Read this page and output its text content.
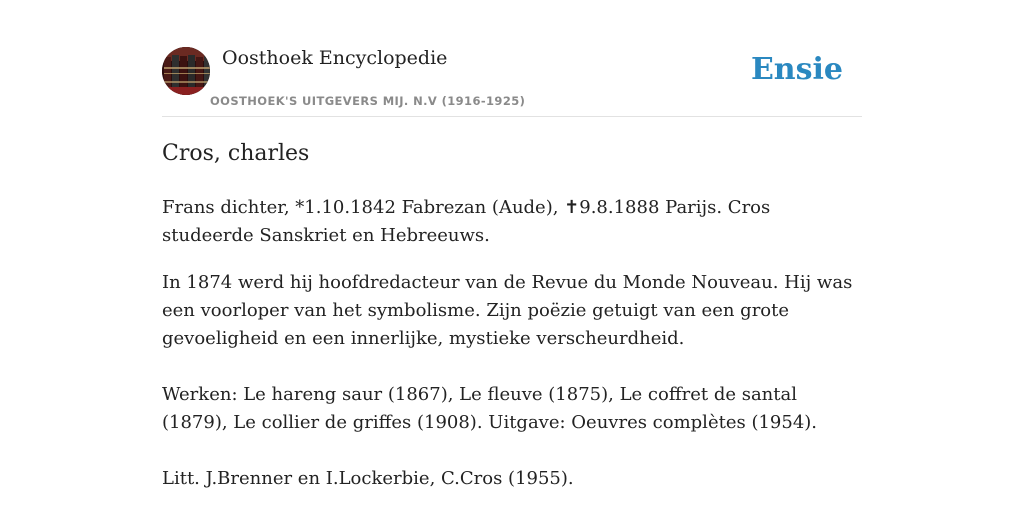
Oosthoek Encyclopedie
OOSTHOEK'S UITGEVERS MIJ. N.V (1916-1925)
Ensie
Cros, charles

Frans dichter, *1.10.1842 Fabrezan (Aude), ✝9.8.1888 Parijs. Cros studeerde Sanskriet en Hebreeuws.

In 1874 werd hij hoofdredacteur van de Revue du Monde Nouveau. Hij was een voorloper van het symbolisme. Zijn poëzie getuigt van een grote gevoeligheid en een innerlijke, mystieke verscheurdheid.

Werken: Le hareng saur (1867), Le fleuve (1875), Le coffret de santal (1879), Le collier de griffes (1908). Uitgave: Oeuvres complètes (1954).

Litt. J.Brenner en I.Lockerbie, C.Cros (1955).
